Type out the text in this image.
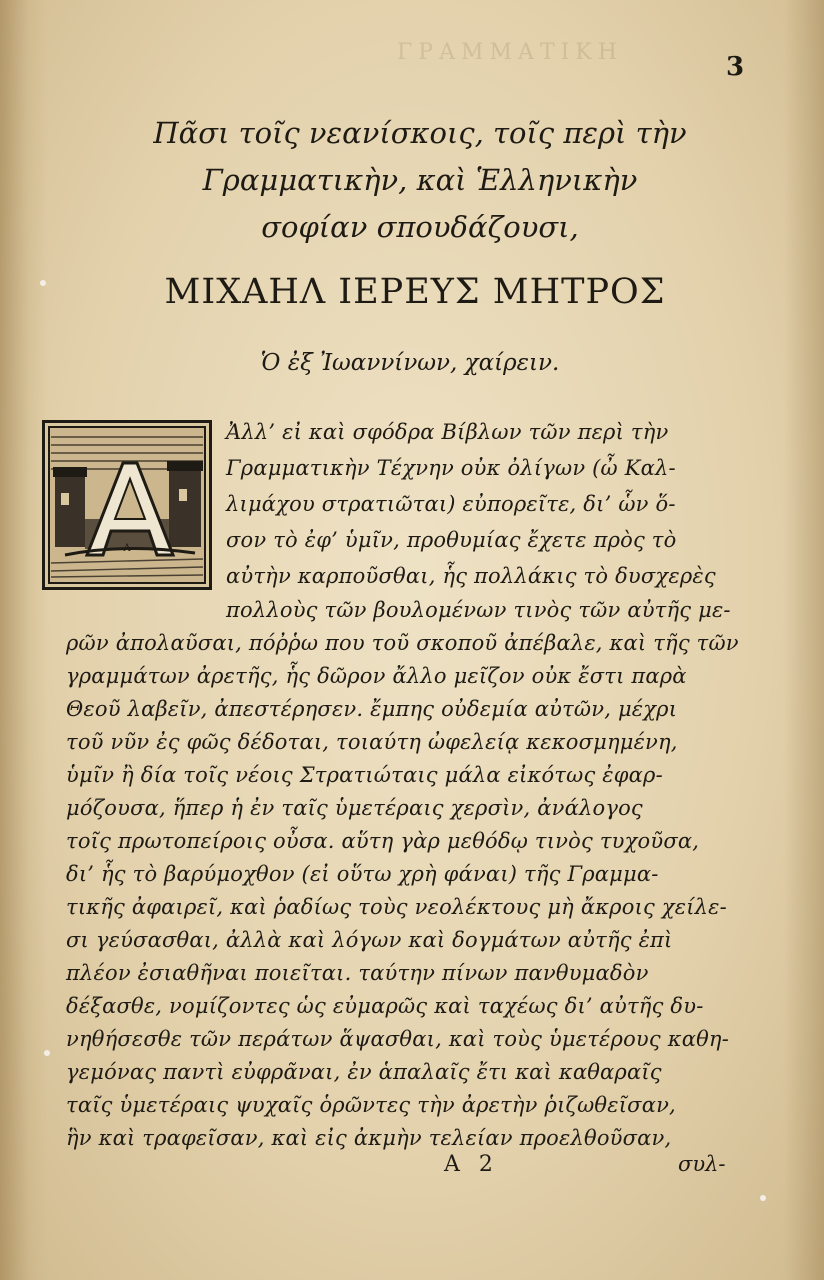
ΓΡΑΜΜΑΤΙΚΗ	3
Πᾶσι τοῖς νεανίσκοις, τοῖς περὶ τὴν
Γραμματικὴν, καὶ Ἑλληνικὴν
σοφίαν σπουδάζουσι,
ΜΙΧΑΗΛ ΙΕΡΕΥΣ ΜΗΤΡΟΣ
Ὁ ἐξ Ἰωαννίνων, χαίρειν.
A
Ἀλλ’ εἰ καὶ σφόδρα Βίβλων τῶν περὶ τὴν
Γραμματικὴν Τέχνην οὐκ ὀλίγων (ὦ Καλ-
λιμάχου στρατιῶται) εὐπορεῖτε, δι’ ὧν ὅ-
σον τὸ ἐφ’ ὑμῖν, προθυμίας ἔχετε πρὸς τὸ
αὐτὴν καρποῦσθαι, ἧς πολλάκις τὸ δυσχερὲς
πολλοὺς τῶν βουλομένων τινὸς τῶν αὐτῆς με-
ρῶν ἀπολαῦσαι, πόῤῥω που τοῦ σκοποῦ ἀπέβαλε, καὶ τῆς τῶν
γραμμάτων ἀρετῆς, ἧς δῶρον ἄλλο μεῖζον οὐκ ἔστι παρὰ
Θεοῦ λαβεῖν, ἀπεστέρησεν. ἔμπης οὐδεμία αὐτῶν, μέχρι
τοῦ νῦν ἐς φῶς δέδοται, τοιαύτη ὠφελείᾳ κεκοσμημένη,
ὑμῖν ἢ δία τοῖς νέοις Στρατιώταις μάλα εἰκότως ἐφαρ-
μόζουσα, ἥπερ ἡ ἐν ταῖς ὑμετέραις χερσὶν, ἀνάλογος
τοῖς πρωτοπείροις οὖσα. αὕτη γὰρ μεθόδῳ τινὸς τυχοῦσα,
δι’ ἧς τὸ βαρύμοχθον (εἰ οὕτω χρὴ φάναι) τῆς Γραμμα-
τικῆς ἀφαιρεῖ, καὶ ῥαδίως τοὺς νεολέκτους μὴ ἄκροις χείλε-
σι γεύσασθαι, ἀλλὰ καὶ λόγων καὶ δογμάτων αὐτῆς ἐπὶ
πλέον ἐσιαθῆναι ποιεῖται. ταύτην πίνων πανθυμαδὸν
δέξασθε, νομίζοντες ὡς εὐμαρῶς καὶ ταχέως δι’ αὐτῆς δυ-
νηθήσεσθε τῶν περάτων ἅψασθαι, καὶ τοὺς ὑμετέρους καθη-
γεμόνας παντὶ εὐφρᾶναι, ἐν ἁπαλαῖς ἔτι καὶ καθαραῖς
ταῖς ὑμετέραις ψυχαῖς ὁρῶντες τὴν ἀρετὴν ῥιζωθεῖσαν,
ἣν καὶ τραφεῖσαν, καὶ εἰς ἀκμὴν τελείαν προελθοῦσαν,
A 2	συλ-
